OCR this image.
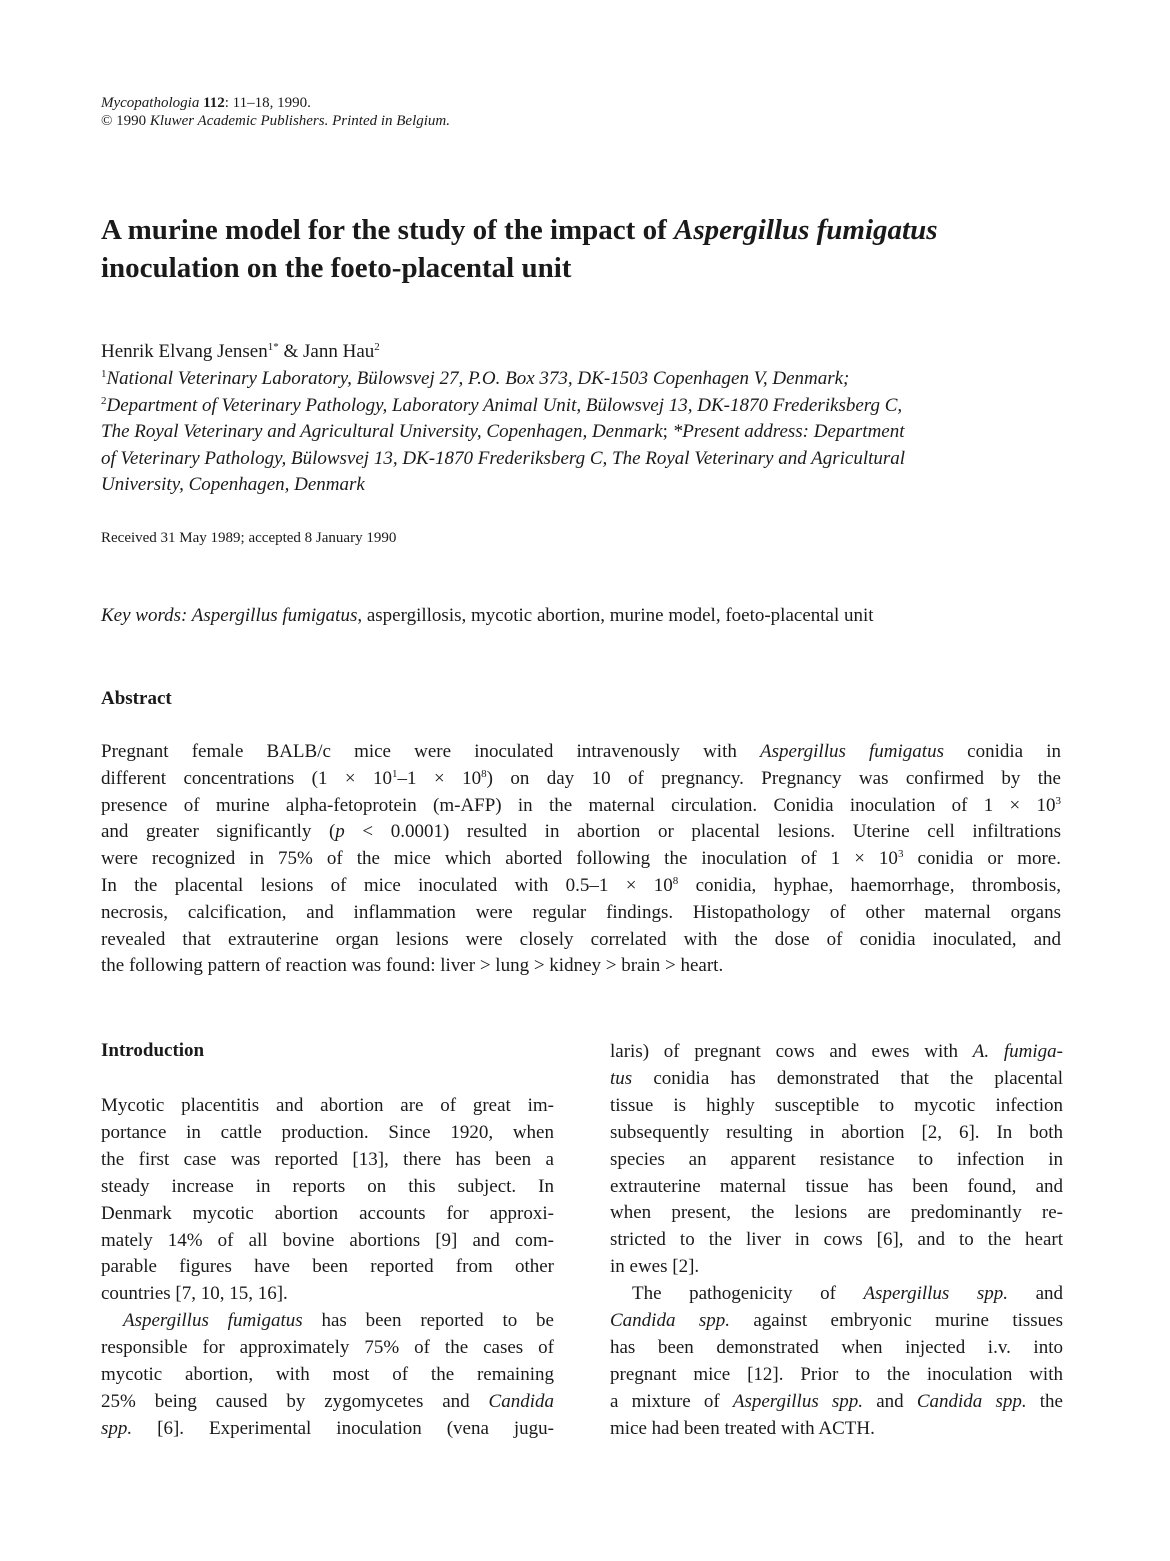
Mycopathologia 112: 11–18, 1990.
© 1990 Kluwer Academic Publishers. Printed in Belgium.
A murine model for the study of the impact of Aspergillus fumigatus
inoculation on the foeto-placental unit
Henrik Elvang Jensen$^{1*}$ & Jann Hau$^2$
$^1$National Veterinary Laboratory, Bülowsvej 27, P.O. Box 373, DK-1503 Copenhagen V, Denmark;
$^2$Department of Veterinary Pathology, Laboratory Animal Unit, Bülowsvej 13, DK-1870 Frederiksberg C,
The Royal Veterinary and Agricultural University, Copenhagen, Denmark; *Present address: Department
of Veterinary Pathology, Bülowsvej 13, DK-1870 Frederiksberg C, The Royal Veterinary and Agricultural
University, Copenhagen, Denmark
Received 31 May 1989; accepted 8 January 1990
Key words: Aspergillus fumigatus, aspergillosis, mycotic abortion, murine model, foeto-placental unit
Abstract
Pregnant female BALB/c mice were inoculated intravenously with Aspergillus fumigatus conidia in
different concentrations $(1 \times 10^1-1 \times 10^8)$ on day 10 of pregnancy. Pregnancy was confirmed by the
presence of murine alpha-fetoprotein (m-AFP) in the maternal circulation. Conidia inoculation of $1 \times 10^3$
and greater significantly (p < 0.0001) resulted in abortion or placental lesions. Uterine cell infiltrations
were recognized in 75% of the mice which aborted following the inoculation of $1 \times 10^3$ conidia or more.
In the placental lesions of mice inoculated with $0.5-1 \times 10^8$ conidia, hyphae, haemorrhage, thrombosis,
necrosis, calcification, and inflammation were regular findings. Histopathology of other maternal organs
revealed that extrauterine organ lesions were closely correlated with the dose of conidia inoculated, and
the following pattern of reaction was found: liver > lung > kidney > brain > heart.
Introduction
Mycotic placentitis and abortion are of great im-
portance in cattle production. Since 1920, when
the first case was reported [13], there has been a
steady increase in reports on this subject. In
Denmark mycotic abortion accounts for approxi-
mately 14% of all bovine abortions [9] and com-
parable figures have been reported from other
countries [7, 10, 15, 16].
Aspergillus fumigatus has been reported to be
responsible for approximately 75% of the cases of
mycotic abortion, with most of the remaining
25% being caused by zygomycetes and Candida
spp. [6]. Experimental inoculation (vena jugu-
laris) of pregnant cows and ewes with A. fumiga-
tus conidia has demonstrated that the placental
tissue is highly susceptible to mycotic infection
subsequently resulting in abortion [2, 6]. In both
species an apparent resistance to infection in
extrauterine maternal tissue has been found, and
when present, the lesions are predominantly re-
stricted to the liver in cows [6], and to the heart
in ewes [2].
The pathogenicity of Aspergillus spp. and
Candida spp. against embryonic murine tissues
has been demonstrated when injected i.v. into
pregnant mice [12]. Prior to the inoculation with
a mixture of Aspergillus spp. and Candida spp. the
mice had been treated with ACTH.
